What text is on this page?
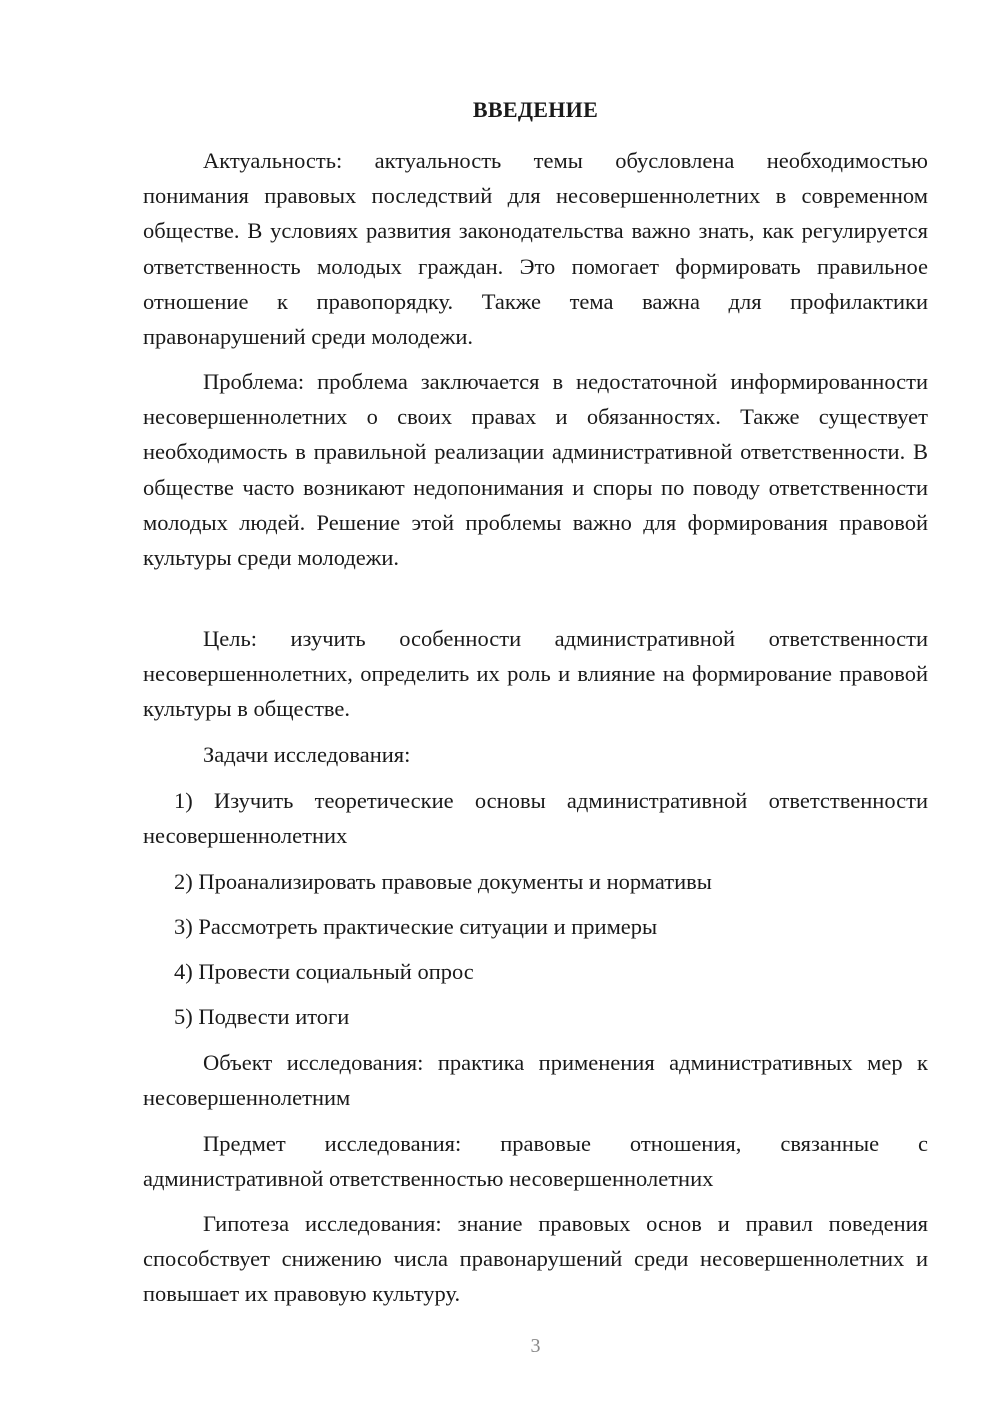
ВВЕДЕНИЕ

Актуальность: актуальность темы обусловлена необходимостью понимания правовых последствий для несовершеннолетних в современном обществе. В условиях развития законодательства важно знать, как регулируется ответственность молодых граждан. Это помогает формировать правильное отношение к правопорядку. Также тема важна для профилактики правонарушений среди молодежи.

Проблема: проблема заключается в недостаточной информированности несовершеннолетних о своих правах и обязанностях. Также существует необходимость в правильной реализации административной ответственности. В обществе часто возникают недопонимания и споры по поводу ответственности молодых людей. Решение этой проблемы важно для формирования правовой культуры среди молодежи.

Цель: изучить особенности административной ответственности несовершеннолетних, определить их роль и влияние на формирование правовой культуры в обществе.

Задачи исследования:

1) Изучить теоретические основы административной ответственности несовершеннолетних

2) Проанализировать правовые документы и нормативы

3) Рассмотреть практические ситуации и примеры

4) Провести социальный опрос

5) Подвести итоги

Объект исследования: практика применения административных мер к несовершеннолетним

Предмет исследования: правовые отношения, связанные с административной ответственностью несовершеннолетних

Гипотеза исследования: знание правовых основ и правил поведения способствует снижению числа правонарушений среди несовершеннолетних и повышает их правовую культуру.

3
